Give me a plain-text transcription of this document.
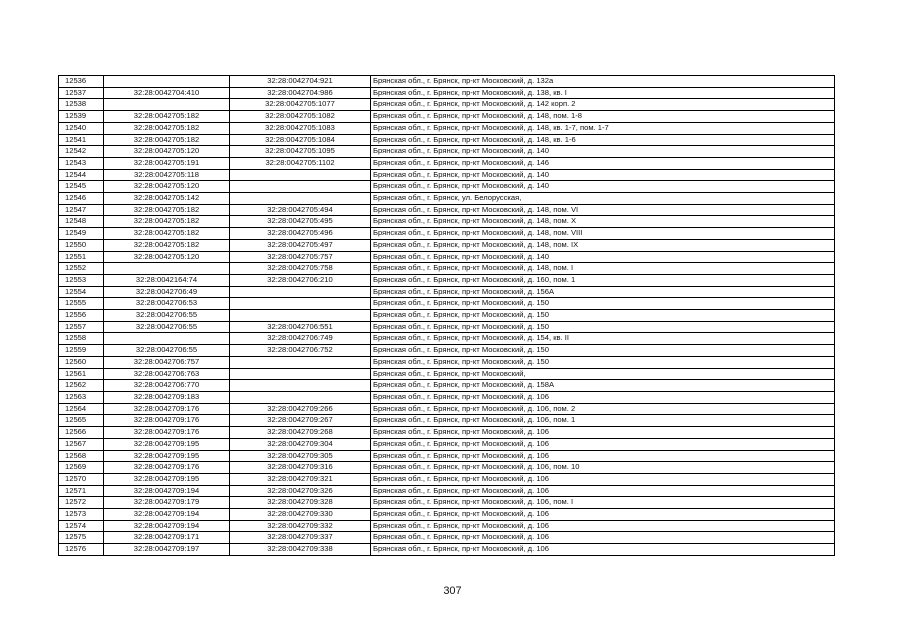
12536		32:28:0042704:921	Брянская обл., г. Брянск, пр-кт Московский, д. 132а
12537	32:28:0042704:410	32:28:0042704:986	Брянская обл., г. Брянск, пр-кт Московский, д. 138, кв. I
12538		32:28:0042705:1077	Брянская обл., г. Брянск, пр-кт Московский, д. 142 корп. 2
12539	32:28:0042705:182	32:28:0042705:1082	Брянская обл., г. Брянск, пр-кт Московский, д. 148, пом. 1-8
12540	32:28:0042705:182	32:28:0042705:1083	Брянская обл., г. Брянск, пр-кт Московский, д. 148, кв. 1-7, пом. 1-7
12541	32:28:0042705:182	32:28:0042705:1084	Брянская обл., г. Брянск, пр-кт Московский, д. 148, кв. 1-6
12542	32:28:0042705:120	32:28:0042705:1095	Брянская обл., г. Брянск, пр-кт Московский, д. 140
12543	32:28:0042705:191	32:28:0042705:1102	Брянская обл., г. Брянск, пр-кт Московский, д. 146
12544	32:28:0042705:118		Брянская обл., г. Брянск, пр-кт Московский, д. 140
12545	32:28:0042705:120		Брянская обл., г. Брянск, пр-кт Московский, д. 140
12546	32:28:0042705:142		Брянская обл., г. Брянск, ул. Белорусская,
12547	32:28:0042705:182	32:28:0042705:494	Брянская обл., г. Брянск, пр-кт Московский, д. 148, пом. VI
12548	32:28:0042705:182	32:28:0042705:495	Брянская обл., г. Брянск, пр-кт Московский, д. 148, пом. X
12549	32:28:0042705:182	32:28:0042705:496	Брянская обл., г. Брянск, пр-кт Московский, д. 148, пом. VIII
12550	32:28:0042705:182	32:28:0042705:497	Брянская обл., г. Брянск, пр-кт Московский, д. 148, пом. IX
12551	32:28:0042705:120	32:28:0042705:757	Брянская обл., г. Брянск, пр-кт Московский, д. 140
12552		32:28:0042705:758	Брянская обл., г. Брянск, пр-кт Московский, д. 148, пом. I
12553	32:28:0042164:74	32:28:0042706:210	Брянская обл., г. Брянск, пр-кт Московский, д. 160, пом. 1
12554	32:28:0042706:49		Брянская обл., г. Брянск, пр-кт Московский, д. 156А
12555	32:28:0042706:53		Брянская обл., г. Брянск, пр-кт Московский, д. 150
12556	32:28:0042706:55		Брянская обл., г. Брянск, пр-кт Московский, д. 150
12557	32:28:0042706:55	32:28:0042706:551	Брянская обл., г. Брянск, пр-кт Московский, д. 150
12558		32:28:0042706:749	Брянская обл., г. Брянск, пр-кт Московский, д. 154, кв. II
12559	32:28:0042706:55	32:28:0042706:752	Брянская обл., г. Брянск, пр-кт Московский, д. 150
12560	32:28:0042706:757		Брянская обл., г. Брянск, пр-кт Московский, д. 150
12561	32:28:0042706:763		Брянская обл., г. Брянск, пр-кт Московский,
12562	32:28:0042706:770		Брянская обл., г. Брянск, пр-кт Московский, д. 158А
12563	32:28:0042709:183		Брянская обл., г. Брянск, пр-кт Московский, д. 106
12564	32:28:0042709:176	32:28:0042709:266	Брянская обл., г. Брянск, пр-кт Московский, д. 106, пом. 2
12565	32:28:0042709:176	32:28:0042709:267	Брянская обл., г. Брянск, пр-кт Московский, д. 106, пом. 1
12566	32:28:0042709:176	32:28:0042709:268	Брянская обл., г. Брянск, пр-кт Московский, д. 106
12567	32:28:0042709:195	32:28:0042709:304	Брянская обл., г. Брянск, пр-кт Московский, д. 106
12568	32:28:0042709:195	32:28:0042709:305	Брянская обл., г. Брянск, пр-кт Московский, д. 106
12569	32:28:0042709:176	32:28:0042709:316	Брянская обл., г. Брянск, пр-кт Московский, д. 106, пом. 10
12570	32:28:0042709:195	32:28:0042709:321	Брянская обл., г. Брянск, пр-кт Московский, д. 106
12571	32:28:0042709:194	32:28:0042709:326	Брянская обл., г. Брянск, пр-кт Московский, д. 106
12572	32:28:0042709:179	32:28:0042709:328	Брянская обл., г. Брянск, пр-кт Московский, д. 106, пом. I
12573	32:28:0042709:194	32:28:0042709:330	Брянская обл., г. Брянск, пр-кт Московский, д. 106
12574	32:28:0042709:194	32:28:0042709:332	Брянская обл., г. Брянск, пр-кт Московский, д. 106
12575	32:28:0042709:171	32:28:0042709:337	Брянская обл., г. Брянск, пр-кт Московский, д. 106
12576	32:28:0042709:197	32:28:0042709:338	Брянская обл., г. Брянск, пр-кт Московский, д. 106
307
